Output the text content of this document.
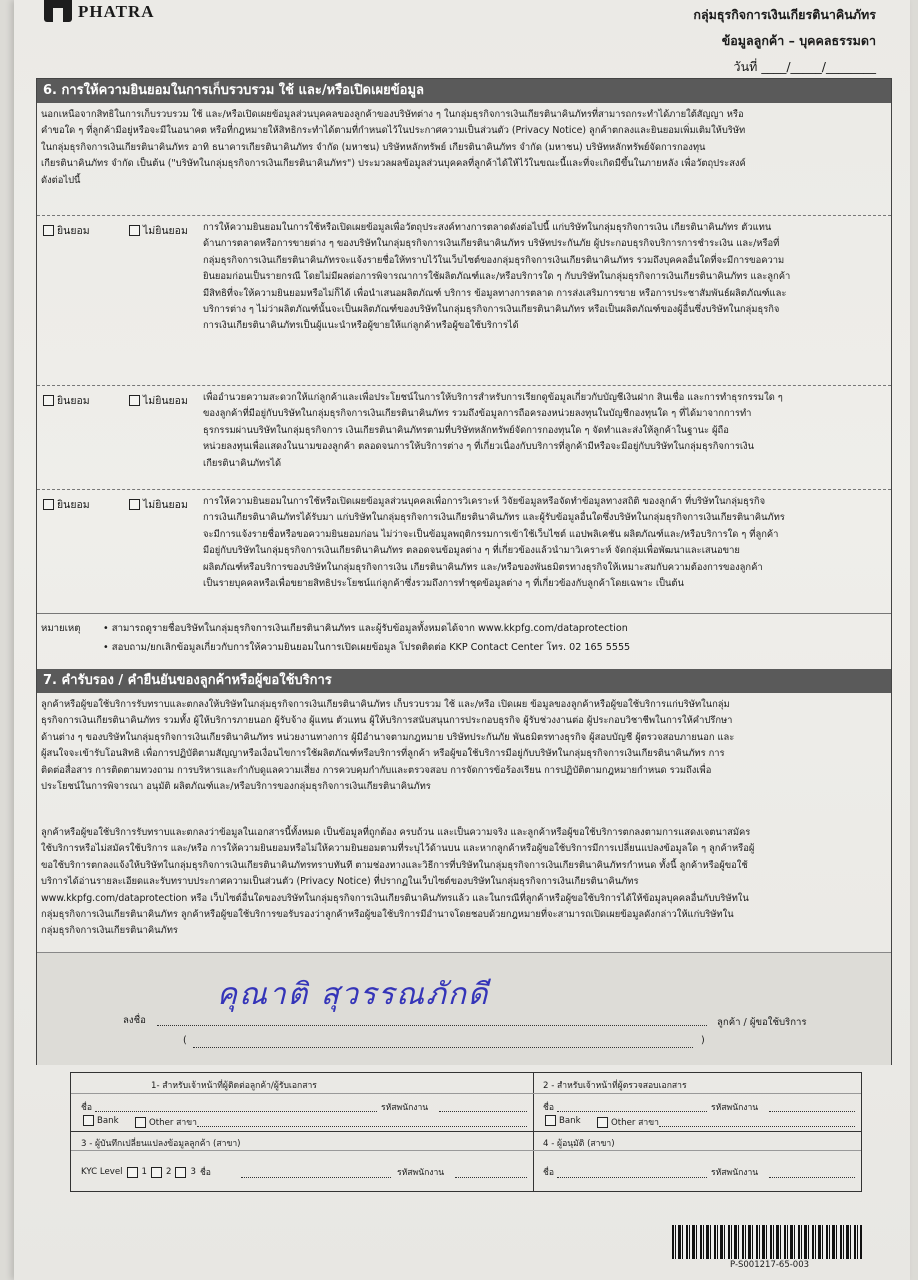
PHATRA	กลุ่มธุรกิจการเงินเกียรตินาคินภัทร
ข้อมูลลูกค้า – บุคคลธรรมดา
วันที่ ____/_____/________
6. การให้ความยินยอมในการเก็บรวบรวม ใช้ และ/หรือเปิดเผยข้อมูล
นอกเหนือจากสิทธิในการเก็บรวบรวม ใช้ และ/หรือเปิดเผยข้อมูลส่วนบุคคลของลูกค้าของบริษัทต่าง ๆ ในกลุ่มธุรกิจการเงินเกียรตินาคินภัทรที่สามารถกระทำได้ภายใต้สัญญา หรือ
คำขอใด ๆ ที่ลูกค้ามีอยู่หรือจะมีในอนาคต หรือที่กฎหมายให้สิทธิกระทำได้ตามที่กำหนดไว้ในประกาศความเป็นส่วนตัว (Privacy Notice) ลูกค้าตกลงและยินยอมเพิ่มเติมให้บริษัท
ในกลุ่มธุรกิจการเงินเกียรตินาคินภัทร อาทิ ธนาคารเกียรตินาคินภัทร จำกัด (มหาชน) บริษัทหลักทรัพย์ เกียรตินาคินภัทร จำกัด (มหาชน) บริษัทหลักทรัพย์จัดการกองทุน
เกียรตินาคินภัทร จำกัด เป็นต้น ("บริษัทในกลุ่มธุรกิจการเงินเกียรตินาคินภัทร") ประมวลผลข้อมูลส่วนบุคคลที่ลูกค้าได้ให้ไว้ในขณะนี้และที่จะเกิดมีขึ้นในภายหลัง เพื่อวัตถุประสงค์
ดังต่อไปนี้
ยินยอม	ไม่ยินยอม การให้ความยินยอมในการใช้หรือเปิดเผยข้อมูลเพื่อวัตถุประสงค์ทางการตลาดดังต่อไปนี้ แก่บริษัทในกลุ่มธุรกิจการเงิน เกียรตินาคินภัทร ตัวแทน
ด้านการตลาดหรือการขายต่าง ๆ ของบริษัทในกลุ่มธุรกิจการเงินเกียรตินาคินภัทร บริษัทประกันภัย ผู้ประกอบธุรกิจบริการการชำระเงิน และ/หรือที่
กลุ่มธุรกิจการเงินเกียรตินาคินภัทรจะแจ้งรายชื่อให้ทราบไว้ในเว็บไซต์ของกลุ่มธุรกิจการเงินเกียรตินาคินภัทร รวมถึงบุคคลอื่นใดที่จะมีการขอความ
ยินยอมก่อนเป็นรายกรณี โดยไม่มีผลต่อการพิจารณาการใช้ผลิตภัณฑ์และ/หรือบริการใด ๆ กับบริษัทในกลุ่มธุรกิจการเงินเกียรตินาคินภัทร และลูกค้า
มีสิทธิที่จะให้ความยินยอมหรือไม่ก็ได้ เพื่อนำเสนอผลิตภัณฑ์ บริการ ข้อมูลทางการตลาด การส่งเสริมการขาย หรือการประชาสัมพันธ์ผลิตภัณฑ์และ
บริการต่าง ๆ ไม่ว่าผลิตภัณฑ์นั้นจะเป็นผลิตภัณฑ์ของบริษัทในกลุ่มธุรกิจการเงินเกียรตินาคินภัทร หรือเป็นผลิตภัณฑ์ของผู้อื่นซึ่งบริษัทในกลุ่มธุรกิจ
การเงินเกียรตินาคินภัทรเป็นผู้แนะนำหรือผู้ขายให้แก่ลูกค้าหรือผู้ขอใช้บริการได้
ยินยอม	ไม่ยินยอม เพื่ออำนวยความสะดวกให้แก่ลูกค้าและเพื่อประโยชน์ในการให้บริการสำหรับการเรียกดูข้อมูลเกี่ยวกับบัญชีเงินฝาก สินเชื่อ และการทำธุรกรรมใด ๆ
ของลูกค้าที่มีอยู่กับบริษัทในกลุ่มธุรกิจการเงินเกียรตินาคินภัทร รวมถึงข้อมูลการถือครองหน่วยลงทุนในบัญชีกองทุนใด ๆ ที่ได้มาจากการทำ
ธุรกรรมผ่านบริษัทในกลุ่มธุรกิจการ เงินเกียรตินาคินภัทรตามที่บริษัทหลักทรัพย์จัดการกองทุนใด ๆ จัดทำและส่งให้ลูกค้าในฐานะ ผู้ถือ
หน่วยลงทุนเพื่อแสดงในนามของลูกค้า ตลอดจนการให้บริการต่าง ๆ ที่เกี่ยวเนื่องกับบริการที่ลูกค้ามีหรือจะมีอยู่กับบริษัทในกลุ่มธุรกิจการเงิน
เกียรตินาคินภัทรได้
ยินยอม	ไม่ยินยอม การให้ความยินยอมในการใช้หรือเปิดเผยข้อมูลส่วนบุคคลเพื่อการวิเคราะห์ วิจัยข้อมูลหรือจัดทำข้อมูลทางสถิติ ของลูกค้า ที่บริษัทในกลุ่มธุรกิจ
การเงินเกียรตินาคินภัทรได้รับมา แก่บริษัทในกลุ่มธุรกิจการเงินเกียรตินาคินภัทร และผู้รับข้อมูลอื่นใดซึ่งบริษัทในกลุ่มธุรกิจการเงินเกียรตินาคินภัทร
จะมีการแจ้งรายชื่อหรือขอความยินยอมก่อน ไม่ว่าจะเป็นข้อมูลพฤติกรรมการเข้าใช้เว็บไซต์ แอปพลิเคชัน ผลิตภัณฑ์และ/หรือบริการใด ๆ ที่ลูกค้า
มีอยู่กับบริษัทในกลุ่มธุรกิจการเงินเกียรตินาคินภัทร ตลอดจนข้อมูลต่าง ๆ ที่เกี่ยวข้องแล้วนำมาวิเคราะห์ จัดกลุ่มเพื่อพัฒนาและเสนอขาย
ผลิตภัณฑ์หรือบริการของบริษัทในกลุ่มธุรกิจการเงิน เกียรตินาคินภัทร และ/หรือของพันธมิตรทางธุรกิจให้เหมาะสมกับความต้องการของลูกค้า
เป็นรายบุคคลหรือเพื่อขยายสิทธิประโยชน์แก่ลูกค้าซึ่งรวมถึงการทำชุดข้อมูลต่าง ๆ ที่เกี่ยวข้องกับลูกค้าโดยเฉพาะ เป็นต้น
หมายเหตุ • สามารถดูรายชื่อบริษัทในกลุ่มธุรกิจการเงินเกียรตินาคินภัทร และผู้รับข้อมูลทั้งหมดได้จาก www.kkpfg.com/dataprotection
• สอบถาม/ยกเลิกข้อมูลเกี่ยวกับการให้ความยินยอมในการเปิดเผยข้อมูล โปรดติดต่อ KKP Contact Center โทร. 02 165 5555
7. คำรับรอง / คำยืนยันของลูกค้าหรือผู้ขอใช้บริการ
ลูกค้าหรือผู้ขอใช้บริการรับทราบและตกลงให้บริษัทในกลุ่มธุรกิจการเงินเกียรตินาคินภัทร เก็บรวบรวม ใช้ และ/หรือ เปิดเผย ข้อมูลของลูกค้าหรือผู้ขอใช้บริการแก่บริษัทในกลุ่ม
ธุรกิจการเงินเกียรตินาคินภัทร รวมทั้ง ผู้ให้บริการภายนอก ผู้รับจ้าง ผู้แทน ตัวแทน ผู้ให้บริการสนับสนุนการประกอบธุรกิจ ผู้รับช่วงงานต่อ ผู้ประกอบวิชาชีพในการให้คำปรึกษา
ด้านต่าง ๆ ของบริษัทในกลุ่มธุรกิจการเงินเกียรตินาคินภัทร หน่วยงานทางการ ผู้มีอำนาจตามกฎหมาย บริษัทประกันภัย พันธมิตรทางธุรกิจ ผู้สอบบัญชี ผู้ตรวจสอบภายนอก และ
ผู้สนใจจะเข้ารับโอนสิทธิ เพื่อการปฏิบัติตามสัญญาหรือเงื่อนไขการใช้ผลิตภัณฑ์หรือบริการที่ลูกค้า หรือผู้ขอใช้บริการมีอยู่กับบริษัทในกลุ่มธุรกิจการเงินเกียรตินาคินภัทร การ
ติดต่อสื่อสาร การติดตามทวงถาม การบริหารและกำกับดูแลความเสี่ยง การควบคุมกำกับและตรวจสอบ การจัดการข้อร้องเรียน การปฏิบัติตามกฎหมายกำหนด รวมถึงเพื่อ
ประโยชน์ในการพิจารณา อนุมัติ ผลิตภัณฑ์และ/หรือบริการของกลุ่มธุรกิจการเงินเกียรตินาคินภัทร
ลูกค้าหรือผู้ขอใช้บริการรับทราบและตกลงว่าข้อมูลในเอกสารนี้ทั้งหมด เป็นข้อมูลที่ถูกต้อง ครบถ้วน และเป็นความจริง และลูกค้าหรือผู้ขอใช้บริการตกลงตามการแสดงเจตนาสมัคร
ใช้บริการหรือไม่สมัครใช้บริการ และ/หรือ การให้ความยินยอมหรือไม่ให้ความยินยอมตามที่ระบุไว้ด้านบน และหากลูกค้าหรือผู้ขอใช้บริการมีการเปลี่ยนแปลงข้อมูลใด ๆ ลูกค้าหรือผู้
ขอใช้บริการตกลงแจ้งให้บริษัทในกลุ่มธุรกิจการเงินเกียรตินาคินภัทรทราบทันที ตามช่องทางและวิธีการที่บริษัทในกลุ่มธุรกิจการเงินเกียรตินาคินภัทรกำหนด ทั้งนี้ ลูกค้าหรือผู้ขอใช้
บริการได้อ่านรายละเอียดและรับทราบประกาศความเป็นส่วนตัว (Privacy Notice) ที่ปรากฏในเว็บไซต์ของบริษัทในกลุ่มธุรกิจการเงินเกียรตินาคินภัทร
www.kkpfg.com/dataprotection หรือ เว็บไซต์อื่นใดของบริษัทในกลุ่มธุรกิจการเงินเกียรตินาคินภัทรแล้ว และในกรณีที่ลูกค้าหรือผู้ขอใช้บริการได้ให้ข้อมูลบุคคลอื่นกับบริษัทใน
กลุ่มธุรกิจการเงินเกียรตินาคินภัทร ลูกค้าหรือผู้ขอใช้บริการขอรับรองว่าลูกค้าหรือผู้ขอใช้บริการมีอำนาจโดยชอบด้วยกฎหมายที่จะสามารถเปิดเผยข้อมูลดังกล่าวให้แก่บริษัทใน
กลุ่มธุรกิจการเงินเกียรตินาคินภัทร
คุณาติ สุวรรณภักดี
ลงชื่อ
(	)
ลูกค้า / ผู้ขอใช้บริการ
1- สำหรับเจ้าหน้าที่ผู้ติดต่อลูกค้า/ผู้รับเอกสาร	2 - สำหรับเจ้าหน้าที่ผู้ตรวจสอบเอกสาร
ชื่อ	รหัสพนักงาน
Bank	Other สาขา
ชื่อ	รหัสพนักงาน
Bank	Other สาขา
3 - ผู้บันทึกเปลี่ยนแปลงข้อมูลลูกค้า (สาขา)	4 - ผู้อนุมัติ (สาขา)
KYC Level 1 2 3 ชื่อ	รหัสพนักงาน	ชื่อ	รหัสพนักงาน
P-S001217-65-003
